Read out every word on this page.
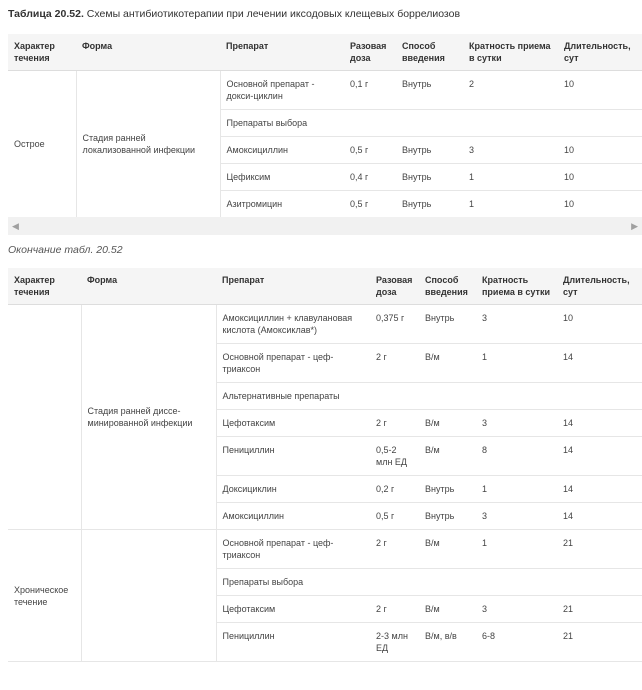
Таблица 20.52. Схемы антибиотикотерапии при лечении иксодовых клещевых боррелиозов
Характер течения	Форма	Препарат	Разовая доза	Способ введения	Кратность приема в сутки	Длительность, сут
Острое	Стадия ранней локализованной инфекции	Основной препарат - докси-циклин	0,1 г	Внутрь	2	10
		Препараты выбора				
		Амоксициллин	0,5 г	Внутрь	3	10
		Цефиксим	0,4 г	Внутрь	1	10
		Азитромицин	0,5 г	Внутрь	1	10
◀	▶
Окончание табл. 20.52
Характер течения	Форма	Препарат	Разовая доза	Способ введения	Кратность приема в сутки	Длительность, сут
	Стадия ранней диссе-минированной инфекции	Амоксициллин + клавулановая кислота (Амоксиклав*)	0,375 г	Внутрь	3	10
		Основной препарат - цеф-триаксон	2 г	В/м	1	14
		Альтернативные препараты				
		Цефотаксим	2 г	В/м	3	14
		Пенициллин	0,5-2 млн ЕД	В/м	8	14
		Доксициклин	0,2 г	Внутрь	1	14
		Амоксициллин	0,5 г	Внутрь	3	14
Хроническое течение		Основной препарат - цеф-триаксон	2 г	В/м	1	21
		Препараты выбора				
		Цефотаксим	2 г	В/м	3	21
		Пенициллин	2-3 млн ЕД	В/м, в/в	6-8	21
